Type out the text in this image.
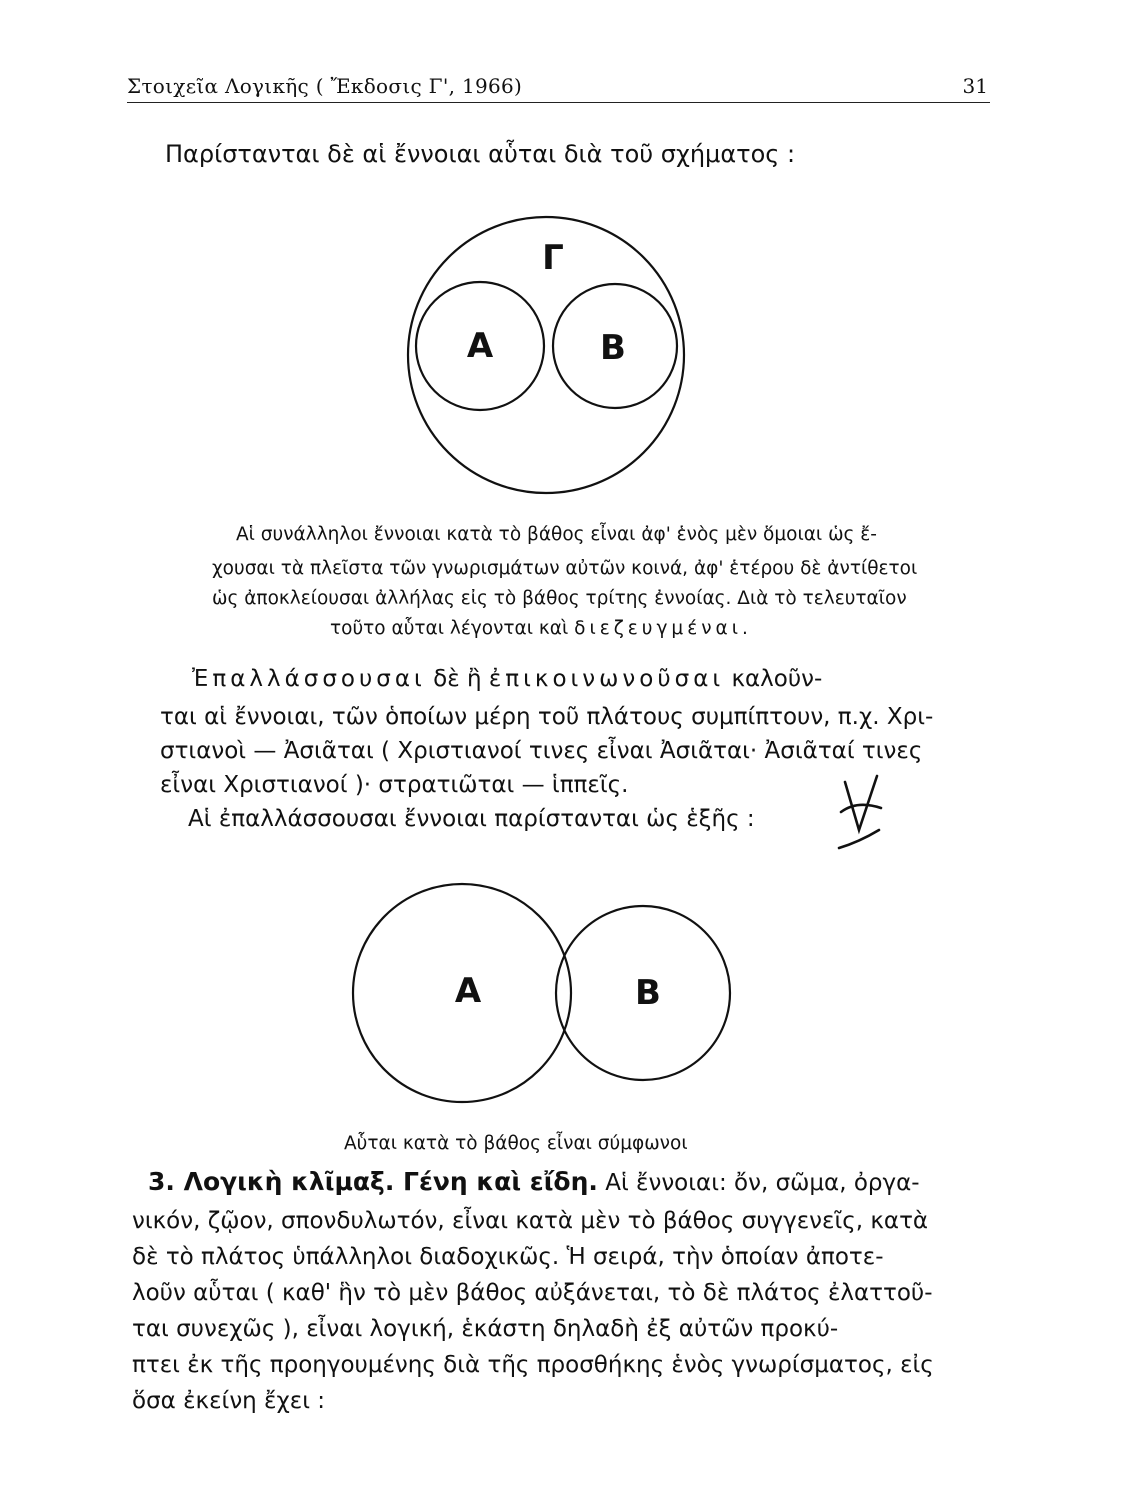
Στοιχεῖα Λογικῆς ( Ἔκδοσις Γ', 1966)	31

Παρίστανται δὲ αἱ ἔννοιαι αὗται διὰ τοῦ σχήματος :

Γ
Α	Β

Αἱ συνάλληλοι ἔννοιαι κατὰ τὸ βάθος εἶναι ἀφ' ἑνὸς μὲν ὅμοιαι ὡς ἔ-

χουσαι τὰ πλεῖστα τῶν γνωρισμάτων αὐτῶν κοινά, ἀφ' ἑτέρου δὲ ἀντίθετοι

ὡς ἀποκλείουσαι ἀλλήλας εἰς τὸ βάθος τρίτης ἐννοίας. Διὰ τὸ τελευταῖον

τοῦτο αὗται λέγονται καὶ διεζευγμέναι.

Ἐπαλλάσσουσαι δὲ ἢ ἐπικοινωνοῦσαι καλοῦν-

ται αἱ ἔννοιαι, τῶν ὁποίων μέρη τοῦ πλάτους συμπίπτουν, π.χ. Χρι-

στιανοὶ — Ἀσιᾶται ( Χριστιανοί τινες εἶναι Ἀσιᾶται· Ἀσιᾶταί τινες

εἶναι Χριστιανοί )· στρατιῶται — ἱππεῖς.

Αἱ ἐπαλλάσσουσαι ἔννοιαι παρίστανται ὡς ἑξῆς :

Α	Β

Αὗται κατὰ τὸ βάθος εἶναι σύμφωνοι

3. Λογικὴ κλῖμαξ. Γένη καὶ εἴδη. Αἱ ἔννοιαι: ὄν, σῶμα, ὀργα-

νικόν, ζῷον, σπονδυλωτόν, εἶναι κατὰ μὲν τὸ βάθος συγγενεῖς, κατὰ

δὲ τὸ πλάτος ὑπάλληλοι διαδοχικῶς. Ἡ σειρά, τὴν ὁποίαν ἀποτε-

λοῦν αὗται ( καθ' ἣν τὸ μὲν βάθος αὐξάνεται, τὸ δὲ πλάτος ἐλαττοῦ-

ται συνεχῶς ), εἶναι λογική, ἑκάστη δηλαδὴ ἐξ αὐτῶν προκύ-

πτει ἐκ τῆς προηγουμένης διὰ τῆς προσθήκης ἑνὸς γνωρίσματος, εἰς

ὅσα ἐκείνη ἔχει :
